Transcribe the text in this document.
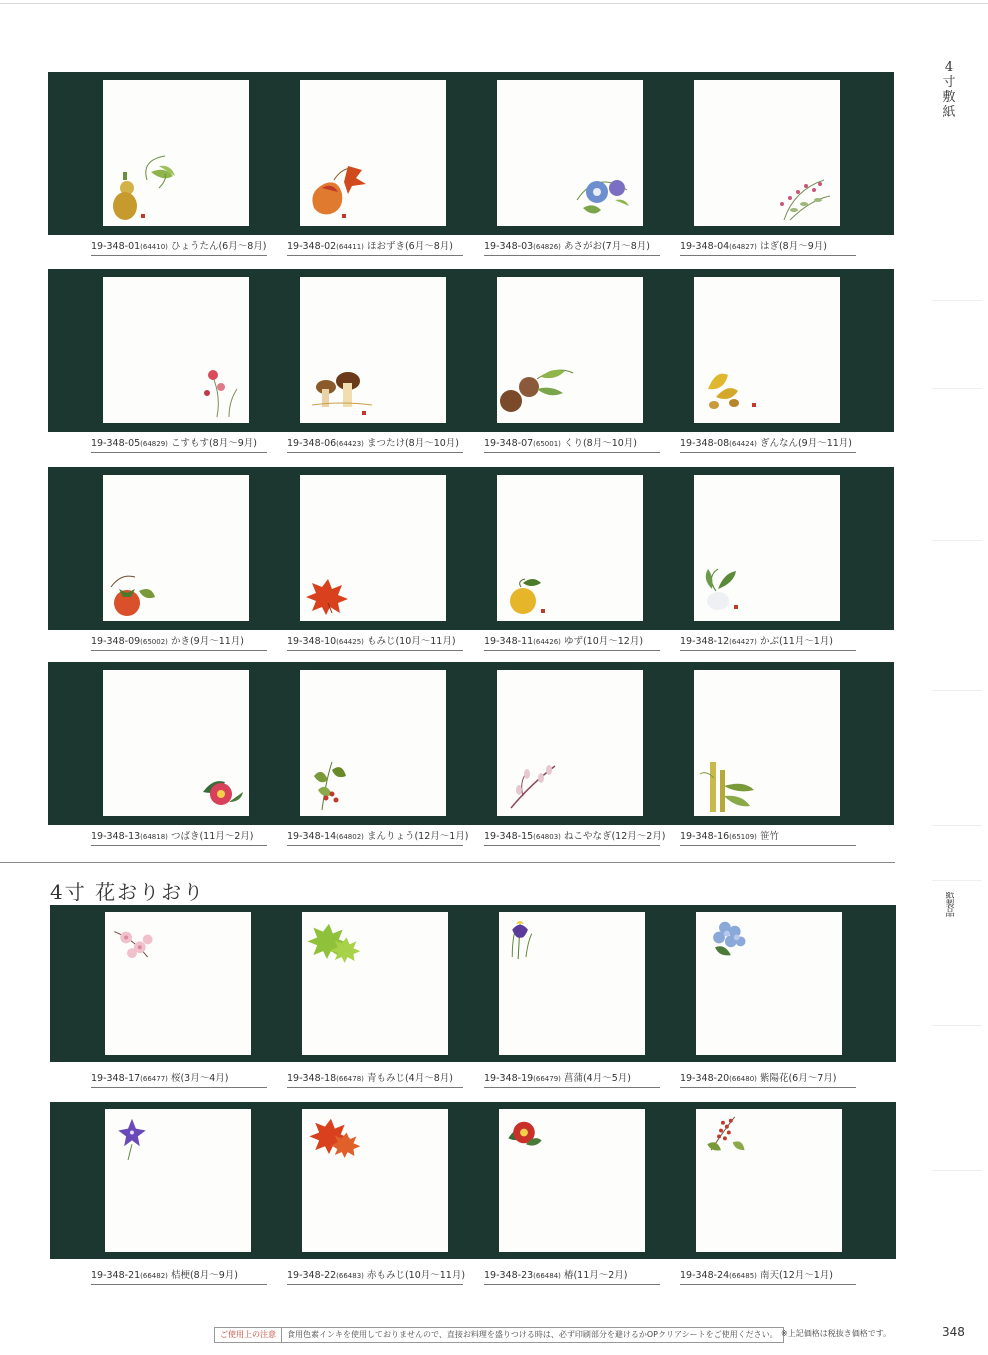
4寸敷紙
紙製品
19-348-01(64410) ひょうたん(6月～8月) 19-348-02(64411) ほおずき(6月～8月)	19-348-03(64826) あさがお(7月～8月)	19-348-04(64827) はぎ(8月～9月)
19-348-05(64829) こすもす(8月～9月)	19-348-06(64423) まつたけ(8月～10月)	19-348-07(65001) くり(8月～10月)	19-348-08(64424) ぎんなん(9月～11月)
19-348-09(65002) かき(9月～11月)	19-348-10(64425) もみじ(10月～11月)	19-348-11(64426) ゆず(10月～12月)	19-348-12(64427) かぶ(11月～1月)
19-348-13(64818) つばき(11月～2月)	19-348-14(64802) まんりょう(12月～1月) 19-348-15(64803) ねこやなぎ(12月～2月) 19-348-16(65109) 笹竹
19-348-17(66477) 桜(3月～4月)	19-348-18(66478) 青もみじ(4月～8月)	19-348-19(66479) 菖蒲(4月～5月)	19-348-20(66480) 紫陽花(6月～7月)
19-348-21(66482) 桔梗(8月～9月)	19-348-22(66483) 赤もみじ(10月～11月) 19-348-23(66484) 椿(11月～2月)	19-348-24(66485) 南天(12月～1月)
4寸 花おりおり
ご使用上の注意	食用色素インキを使用しておりませんので、直接お料理を盛りつける時は、必ず印刷部分を避けるかOPクリアシートをご使用ください。 ※上記価格は税抜き価格です。	348
